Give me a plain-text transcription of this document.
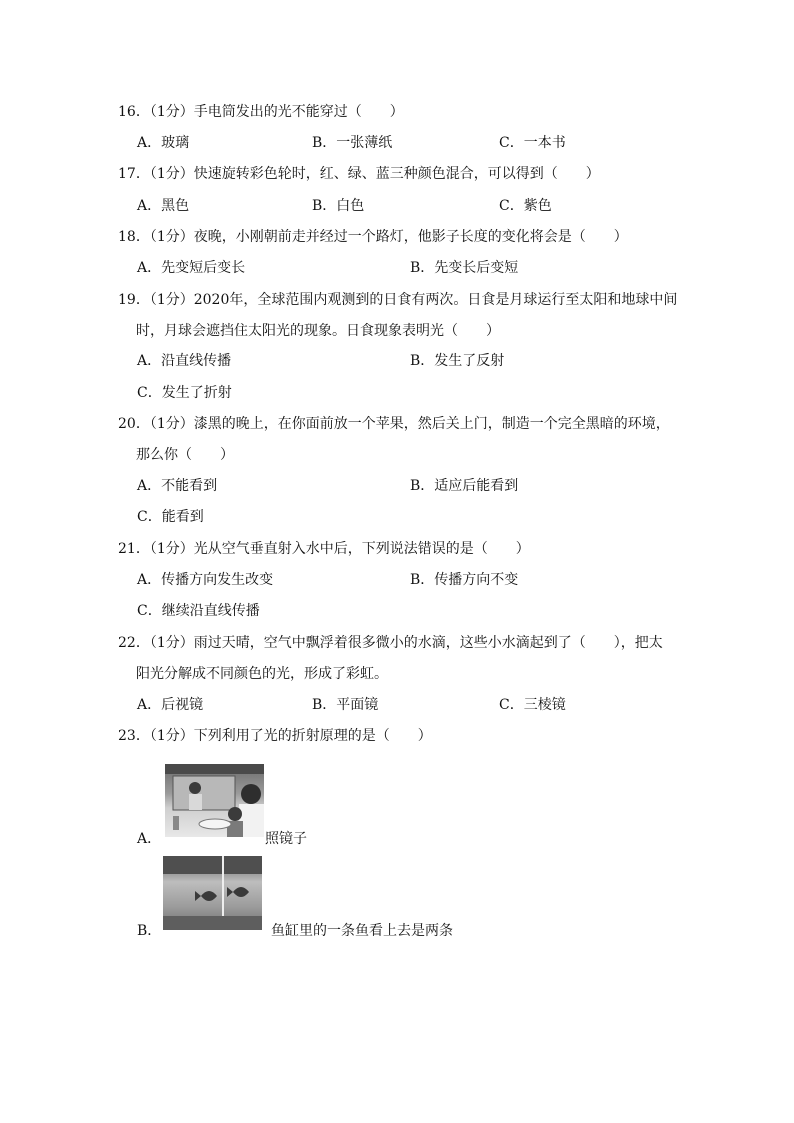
16．（1分）手电筒发出的光不能穿过（　　）
A．玻璃	B．一张薄纸	C．一本书
17．（1分）快速旋转彩色轮时，红、绿、蓝三种颜色混合，可以得到（　　）
A．黑色	B．白色	C．紫色
18．（1分）夜晚，小刚朝前走并经过一个路灯，他影子长度的变化将会是（　　）
A．先变短后变长	B．先变长后变短
19．（1分）2020年，全球范围内观测到的日食有两次。日食是月球运行至太阳和地球中间
时，月球会遮挡住太阳光的现象。日食现象表明光（　　）
A．沿直线传播	B．发生了反射
C．发生了折射
20．（1分）漆黑的晚上，在你面前放一个苹果，然后关上门，制造一个完全黑暗的环境，
那么你（　　）
A．不能看到	B．适应后能看到
C．能看到
21．（1分）光从空气垂直射入水中后，下列说法错误的是（　　）
A．传播方向发生改变	B．传播方向不变
C．继续沿直线传播
22．（1分）雨过天晴，空气中飘浮着很多微小的水滴，这些小水滴起到了（　　），把太
阳光分解成不同颜色的光，形成了彩虹。
A．后视镜	B．平面镜	C．三棱镜
23．（1分）下列利用了光的折射原理的是（　　）
A．	照镜子
B．	鱼缸里的一条鱼看上去是两条
